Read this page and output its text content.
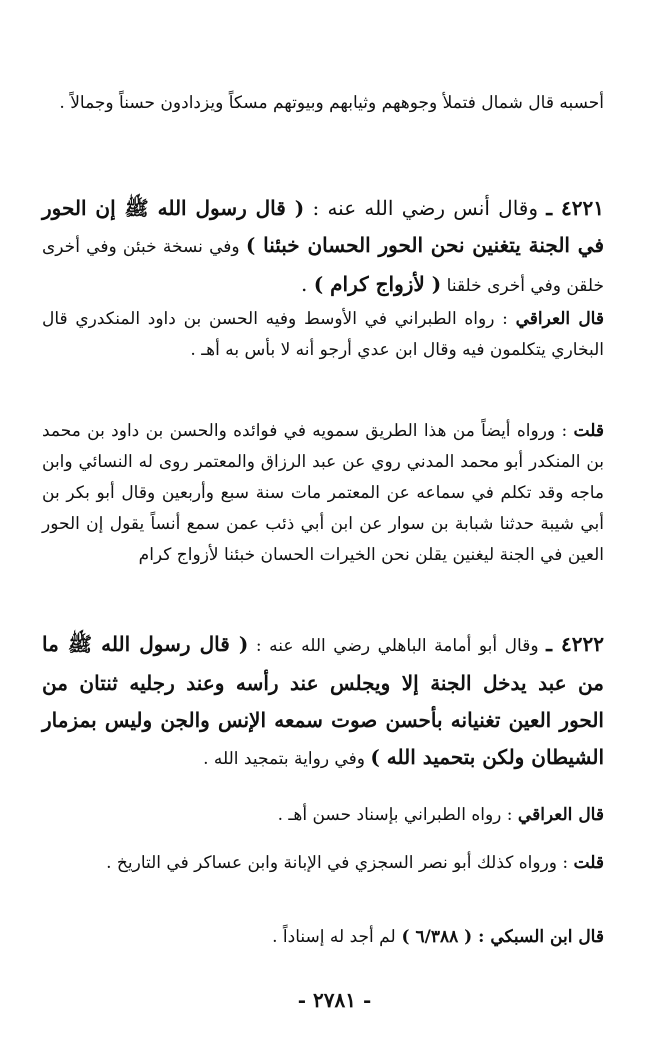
أحسبه قال شمال فتملأ وجوههم وثيابهم وبيوتهم مسكاً ويزدادون حسناً وجمالاً .

٤٢٢١ ـ وقال أنس رضي الله عنه : ( قال رسول الله ﷺ إن الحور في الجنة يتغنين نحن الحور الحسان خبئنا ) وفي نسخة خبئن وفي أخرى خلقن وفي أخرى خلقنا ( لأزواج كرام ) .

قال العراقي : رواه الطبراني في الأوسط وفيه الحسن بن داود المنكدري قال البخاري يتكلمون فيه وقال ابن عدي أرجو أنه لا بأس به أهـ .

قلت : ورواه أيضاً من هذا الطريق سمويه في فوائده والحسن بن داود بن محمد بن المنكدر أبو محمد المدني روي عن عبد الرزاق والمعتمر روى له النسائي وابن ماجه وقد تكلم في سماعه عن المعتمر مات سنة سبع وأربعين وقال أبو بكر بن أبي شيبة حدثنا شبابة بن سوار عن ابن أبي ذئب عمن سمع أنساً يقول إن الحور العين في الجنة ليغنين يقلن نحن الخيرات الحسان خبئنا لأزواج كرام

٤٢٢٢ ـ وقال أبو أمامة الباهلي رضي الله عنه : ( قال رسول الله ﷺ ما من عبد يدخل الجنة إلا ويجلس عند رأسه وعند رجليه ثنتان من الحور العين تغنيانه بأحسن صوت سمعه الإنس والجن وليس بمزمار الشيطان ولكن بتحميد الله ) وفي رواية بتمجيد الله .

قال العراقي : رواه الطبراني بإسناد حسن أهـ .

قلت : ورواه كذلك أبو نصر السجزي في الإبانة وابن عساكر في التاريخ .

قال ابن السبكي : ( ٦/٣٨٨ ) لم أجد له إسناداً .

- ٢٧٨١ -
